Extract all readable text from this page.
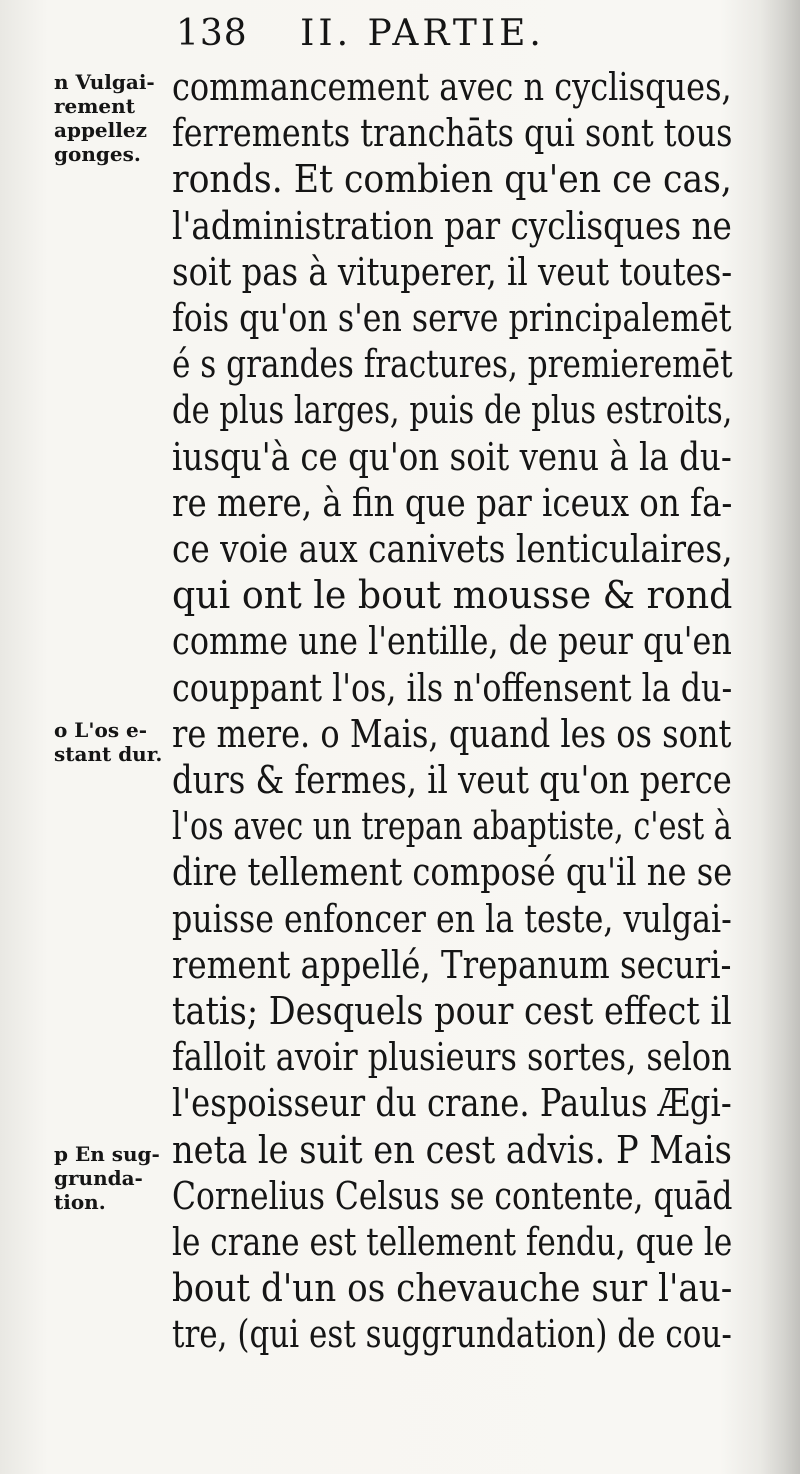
138 II. PARTIE.
n Vulgai-
rement
appellez
gonges.
o L'os e-
stant dur.
p En sug-
grunda-
tion.
commancement avec n cyclisques,
ferrements tranchāts qui sont tous
ronds. Et combien qu'en ce cas,
l'administration par cyclisques ne
soit pas à vituperer, il veut toutes-
fois qu'on s'en serve principalemēt
é s grandes fractures, premieremēt
de plus larges, puis de plus estroits,
iusqu'à ce qu'on soit venu à la du-
re mere, à fin que par iceux on fa-
ce voie aux canivets lenticulaires,
qui ont le bout mousse & rond
comme une l'entille, de peur qu'en
couppant l'os, ils n'offensent la du-
re mere. o Mais, quand les os sont
durs & fermes, il veut qu'on perce
l'os avec un trepan abaptiste, c'est à
dire tellement composé qu'il ne se
puisse enfoncer en la teste, vulgai-
rement appellé, Trepanum securi-
tatis; Desquels pour cest effect il
falloit avoir plusieurs sortes, selon
l'espoisseur du crane. Paulus Ægi-
neta le suit en cest advis. P Mais
Cornelius Celsus se contente, quād
le crane est tellement fendu, que le
bout d'un os chevauche sur l'au-
tre, (qui est suggrundation) de cou-
